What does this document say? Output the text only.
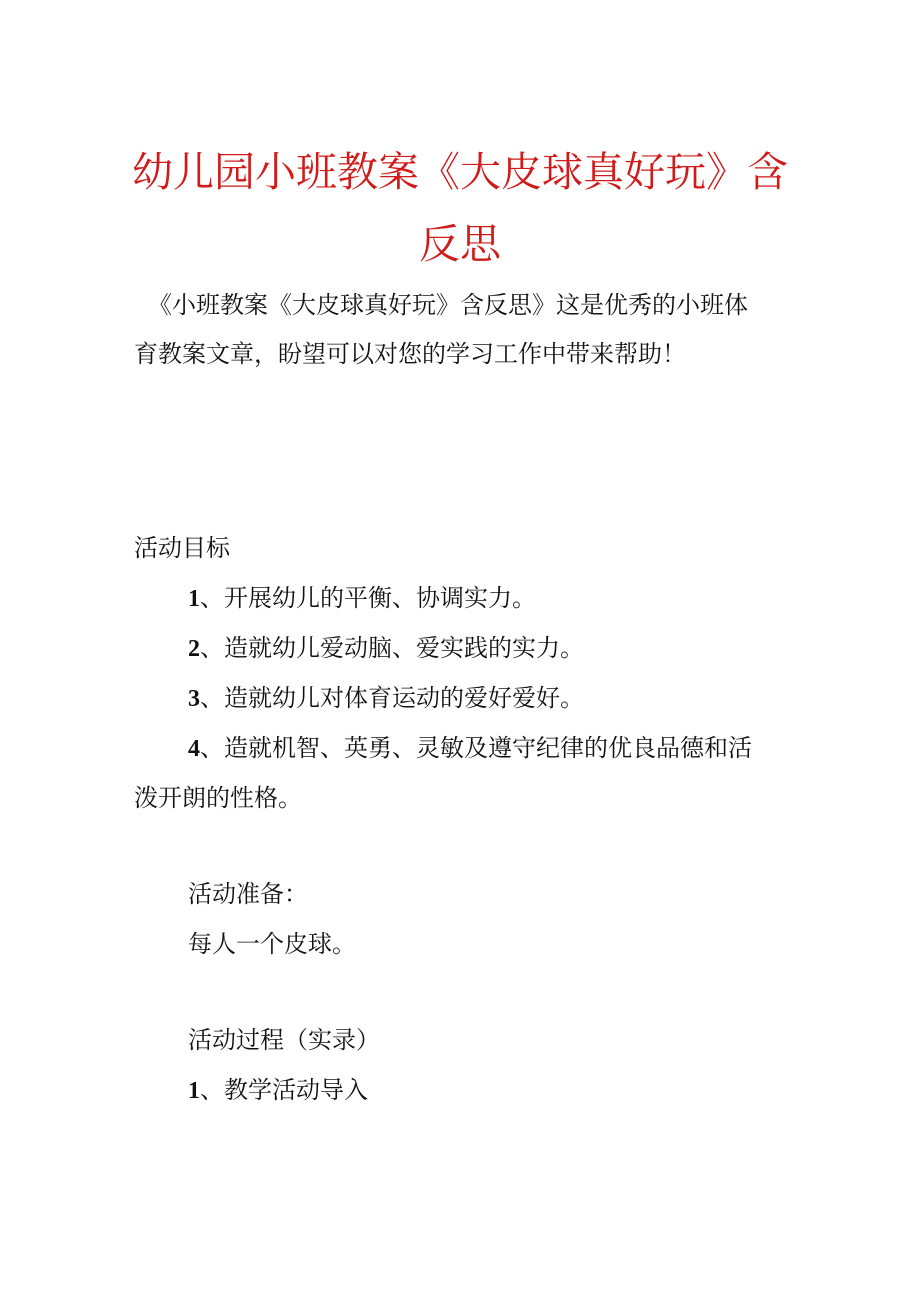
幼儿园小班教案《大皮球真好玩》含
反思
《小班教案《大皮球真好玩》含反思》这是优秀的小班体
育教案文章，盼望可以对您的学习工作中带来帮助！
活动目标
1、开展幼儿的平衡、协调实力。
2、造就幼儿爱动脑、爱实践的实力。
3、造就幼儿对体育运动的爱好爱好。
4、造就机智、英勇、灵敏及遵守纪律的优良品德和活
泼开朗的性格。
活动准备：
每人一个皮球。
活动过程（实录）
1、教学活动导入
